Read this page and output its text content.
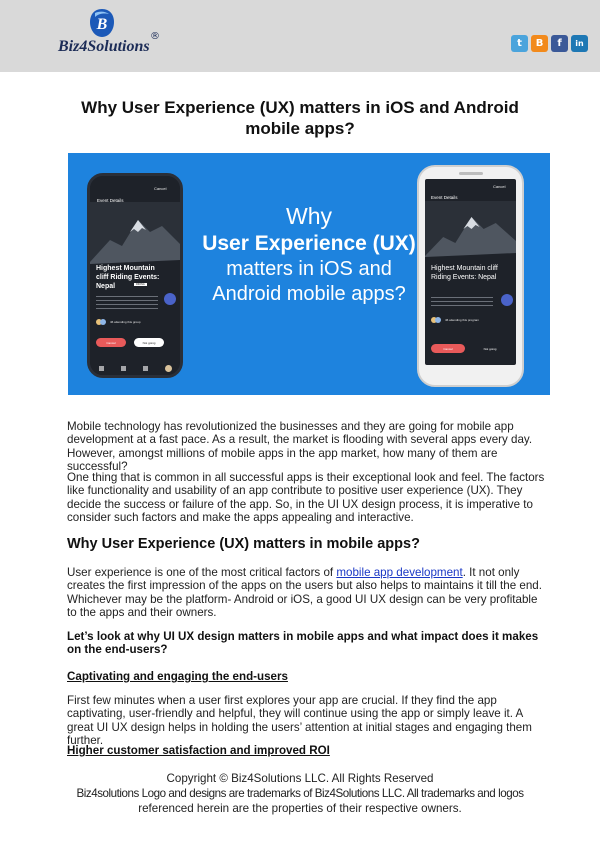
B
Biz4Solutions
®
t B f in
Why User Experience (UX) matters in iOS and Android mobile apps?
Cancel
Event Details
Highest Mountain cliff Riding Events: Nepal	RIDING
46 attending this group
Cancel	Not going
Why
User Experience (UX)
matters in iOS and
Android mobile apps?
Cancel
Event Details
Highest Mountain cliff Riding Events: Nepal
46 attending this program
Cancel	Not going

Mobile technology has revolutionized the businesses and they are going for mobile app development at a fast pace. As a result, the market is flooding with several apps every day. However, amongst millions of mobile apps in the app market, how many of them are successful?

One thing that is common in all successful apps is their exceptional look and feel. The factors like functionality and usability of an app contribute to positive user experience (UX). They decide the success or failure of the app. So, in the UI UX design process, it is imperative to consider such factors and make the apps appealing and interactive.

Why User Experience (UX) matters in mobile apps?

User experience is one of the most critical factors of mobile app development. It not only creates the first impression of the apps on the users but also helps to maintains it till the end. Whichever may be the platform- Android or iOS, a good UI UX design can be very profitable to the apps and their owners.

Let’s look at why UI UX design matters in mobile apps and what impact does it makes on the end-users?

Captivating and engaging the end-users

First few minutes when a user first explores your app are crucial. If they find the app captivating, user-friendly and helpful, they will continue using the app or simply leave it. A great UI UX design helps in holding the users’ attention at initial stages and engaging them further.

Higher customer satisfaction and improved ROI

Copyright © Biz4Solutions LLC. All Rights Reserved
Biz4solutions Logo and designs are trademarks of Biz4Solutions LLC. All trademarks and logos
referenced herein are the properties of their respective owners.
